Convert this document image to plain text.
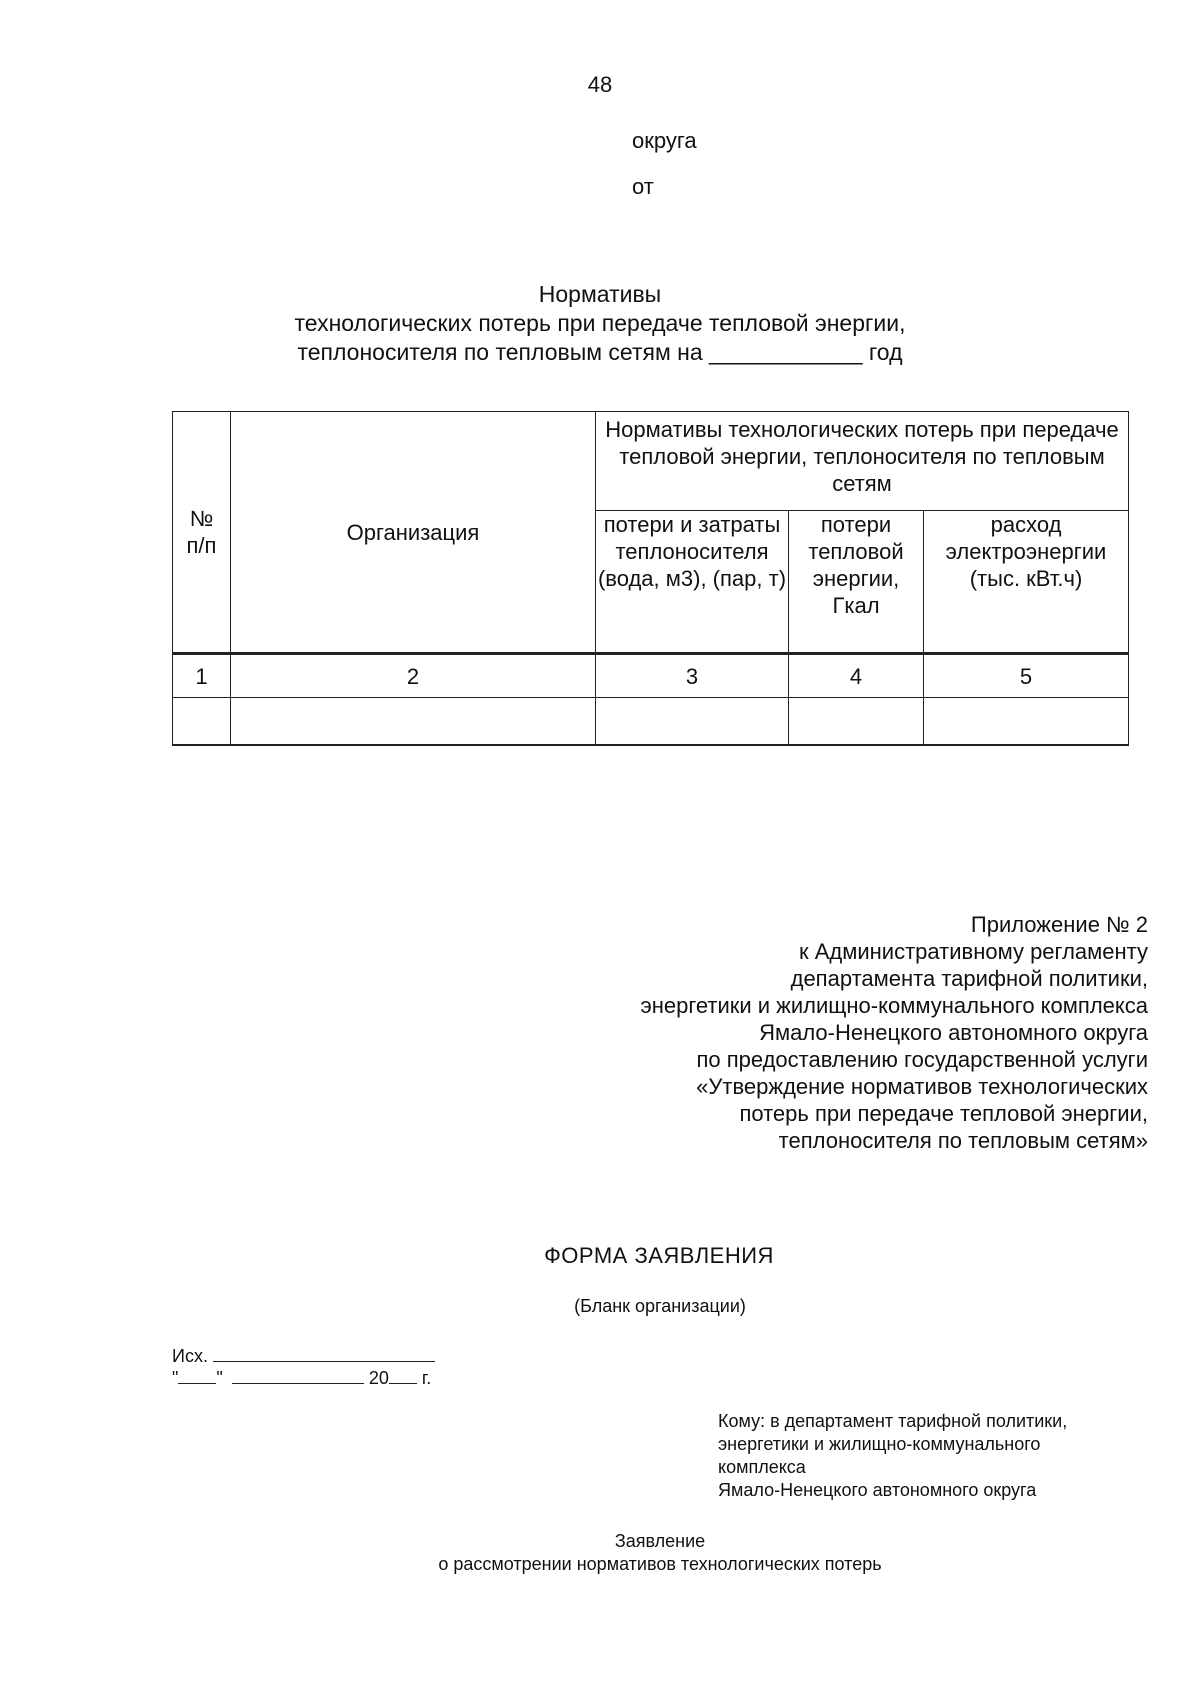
48
округа
от
Нормативы
технологических потерь при передаче тепловой энергии,
теплоносителя по тепловым сетям на ____________ год
№ п/п	Организация	Нормативы технологических потерь при передаче тепловой энергии, теплоносителя по тепловым сетям		
		потери и затраты теплоносителя (вода, м3), (пар, т)	потери тепловой энергии, Гкал	расход электроэнергии (тыс. кВт.ч)
1	2	3	4	5

Приложение № 2
к Административному регламенту
департамента тарифной политики,
энергетики и жилищно-коммунального комплекса
Ямало-Ненецкого автономного округа
по предоставлению государственной услуги
«Утверждение нормативов технологических
потерь при передаче тепловой энергии,
теплоносителя по тепловым сетям»
ФОРМА ЗАЯВЛЕНИЯ
(Бланк организации)
Исх.
" "	20 г.
Кому: в департамент тарифной политики,
энергетики и жилищно-коммунального
комплекса
Ямало-Ненецкого автономного округа
Заявление
о рассмотрении нормативов технологических потерь
